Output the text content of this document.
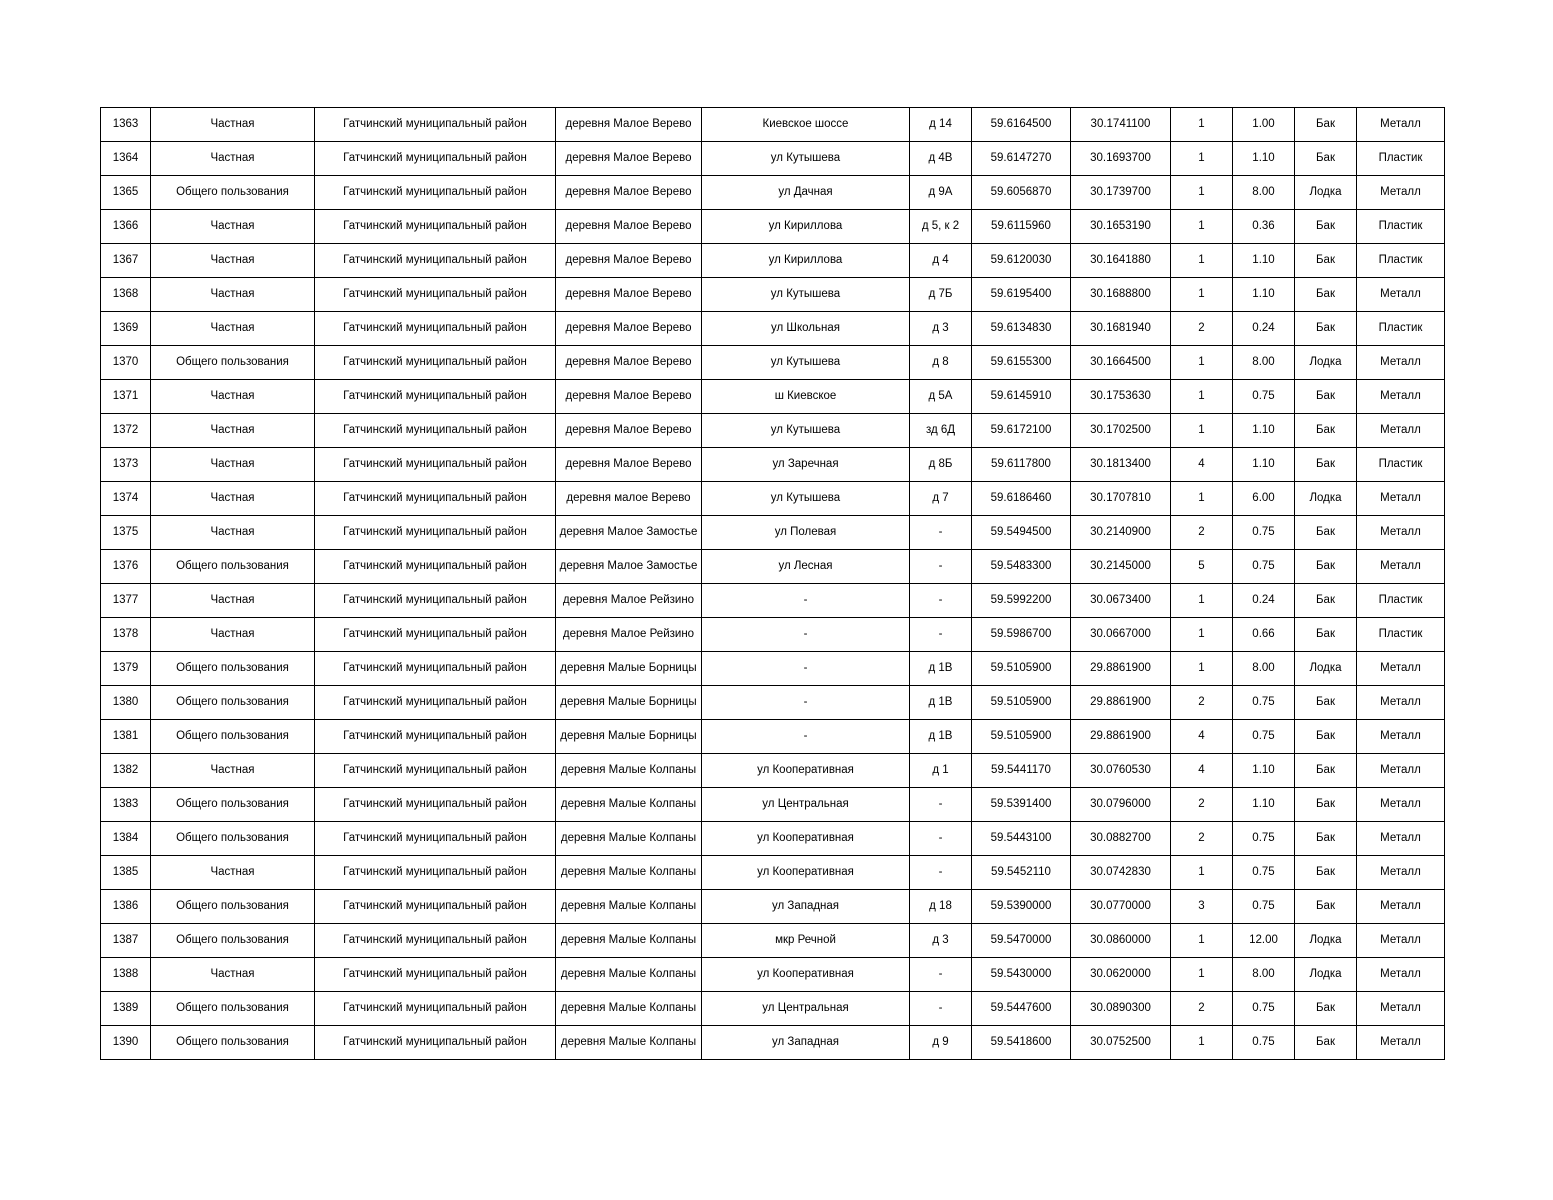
1363	Частная	Гатчинский муниципальный район	деревня Малое Верево	Киевское шоссе	д 14	59.6164500	30.1741100	1	1.00	Бак	Металл
1364	Частная	Гатчинский муниципальный район	деревня Малое Верево	ул Кутышева	д 4В	59.6147270	30.1693700	1	1.10	Бак	Пластик
1365	Общего пользования	Гатчинский муниципальный район	деревня Малое Верево	ул Дачная	д 9А	59.6056870	30.1739700	1	8.00	Лодка	Металл
1366	Частная	Гатчинский муниципальный район	деревня Малое Верево	ул Кириллова	д 5, к 2	59.6115960	30.1653190	1	0.36	Бак	Пластик
1367	Частная	Гатчинский муниципальный район	деревня Малое Верево	ул Кириллова	д 4	59.6120030	30.1641880	1	1.10	Бак	Пластик
1368	Частная	Гатчинский муниципальный район	деревня Малое Верево	ул Кутышева	д 7Б	59.6195400	30.1688800	1	1.10	Бак	Металл
1369	Частная	Гатчинский муниципальный район	деревня Малое Верево	ул Школьная	д 3	59.6134830	30.1681940	2	0.24	Бак	Пластик
1370	Общего пользования	Гатчинский муниципальный район	деревня Малое Верево	ул Кутышева	д 8	59.6155300	30.1664500	1	8.00	Лодка	Металл
1371	Частная	Гатчинский муниципальный район	деревня Малое Верево	ш Киевское	д 5А	59.6145910	30.1753630	1	0.75	Бак	Металл
1372	Частная	Гатчинский муниципальный район	деревня Малое Верево	ул Кутышева	зд 6Д	59.6172100	30.1702500	1	1.10	Бак	Металл
1373	Частная	Гатчинский муниципальный район	деревня Малое Верево	ул Заречная	д 8Б	59.6117800	30.1813400	4	1.10	Бак	Пластик
1374	Частная	Гатчинский муниципальный район	деревня малое Верево	ул Кутышева	д 7	59.6186460	30.1707810	1	6.00	Лодка	Металл
1375	Частная	Гатчинский муниципальный район	деревня Малое Замостье	ул Полевая	-	59.5494500	30.2140900	2	0.75	Бак	Металл
1376	Общего пользования	Гатчинский муниципальный район	деревня Малое Замостье	ул Лесная	-	59.5483300	30.2145000	5	0.75	Бак	Металл
1377	Частная	Гатчинский муниципальный район	деревня Малое Рейзино	-	-	59.5992200	30.0673400	1	0.24	Бак	Пластик
1378	Частная	Гатчинский муниципальный район	деревня Малое Рейзино	-	-	59.5986700	30.0667000	1	0.66	Бак	Пластик
1379	Общего пользования	Гатчинский муниципальный район	деревня Малые Борницы	-	д 1В	59.5105900	29.8861900	1	8.00	Лодка	Металл
1380	Общего пользования	Гатчинский муниципальный район	деревня Малые Борницы	-	д 1В	59.5105900	29.8861900	2	0.75	Бак	Металл
1381	Общего пользования	Гатчинский муниципальный район	деревня Малые Борницы	-	д 1В	59.5105900	29.8861900	4	0.75	Бак	Металл
1382	Частная	Гатчинский муниципальный район	деревня Малые Колпаны	ул Кооперативная	д 1	59.5441170	30.0760530	4	1.10	Бак	Металл
1383	Общего пользования	Гатчинский муниципальный район	деревня Малые Колпаны	ул Центральная	-	59.5391400	30.0796000	2	1.10	Бак	Металл
1384	Общего пользования	Гатчинский муниципальный район	деревня Малые Колпаны	ул Кооперативная	-	59.5443100	30.0882700	2	0.75	Бак	Металл
1385	Частная	Гатчинский муниципальный район	деревня Малые Колпаны	ул Кооперативная	-	59.5452110	30.0742830	1	0.75	Бак	Металл
1386	Общего пользования	Гатчинский муниципальный район	деревня Малые Колпаны	ул Западная	д 18	59.5390000	30.0770000	3	0.75	Бак	Металл
1387	Общего пользования	Гатчинский муниципальный район	деревня Малые Колпаны	мкр Речной	д 3	59.5470000	30.0860000	1	12.00	Лодка	Металл
1388	Частная	Гатчинский муниципальный район	деревня Малые Колпаны	ул Кооперативная	-	59.5430000	30.0620000	1	8.00	Лодка	Металл
1389	Общего пользования	Гатчинский муниципальный район	деревня Малые Колпаны	ул Центральная	-	59.5447600	30.0890300	2	0.75	Бак	Металл
1390	Общего пользования	Гатчинский муниципальный район	деревня Малые Колпаны	ул Западная	д 9	59.5418600	30.0752500	1	0.75	Бак	Металл
